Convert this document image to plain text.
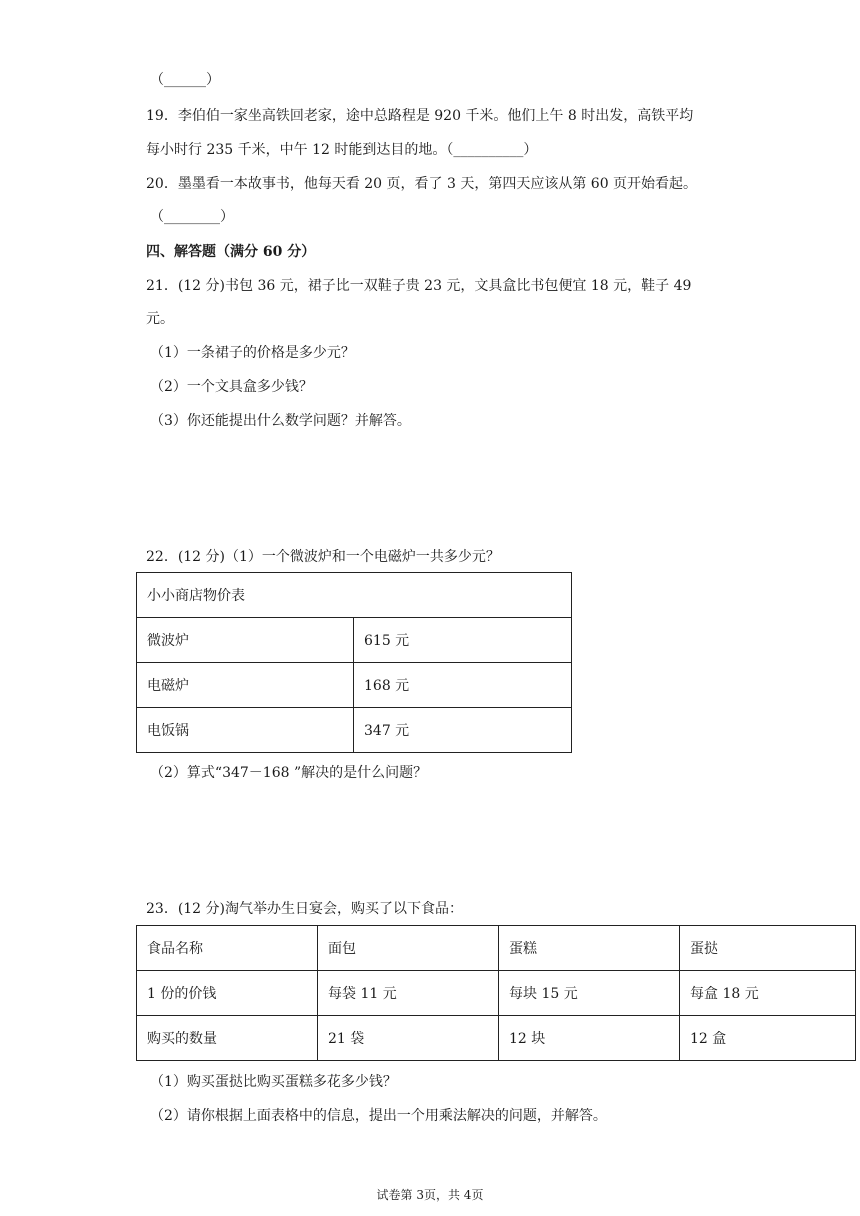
（______）
19．李伯伯一家坐高铁回老家，途中总路程是 920 千米。他们上午 8 时出发，高铁平均
每小时行 235 千米，中午 12 时能到达目的地。（__________）
20．墨墨看一本故事书，他每天看 20 页，看了 3 天，第四天应该从第 60 页开始看起。
（________）
四、解答题（满分 60 分）
21．(12 分)书包 36 元，裙子比一双鞋子贵 23 元，文具盒比书包便宜 18 元，鞋子 49
元。
（1）一条裙子的价格是多少元？
（2）一个文具盒多少钱？
（3）你还能提出什么数学问题？并解答。
22．(12 分)（1）一个微波炉和一个电磁炉一共多少元？
小小商店物价表	
微波炉	615 元
电磁炉	168 元
电饭锅	347 元
（2）算式“347－168 ”解决的是什么问题？
23．(12 分)淘气举办生日宴会，购买了以下食品：
食品名称	面包	蛋糕	蛋挞
1 份的价钱	每袋 11 元	每块 15 元	每盒 18 元
购买的数量	21 袋	12 块	12 盒
（1）购买蛋挞比购买蛋糕多花多少钱？
（2）请你根据上面表格中的信息，提出一个用乘法解决的问题，并解答。
试卷第 3页，共 4页
